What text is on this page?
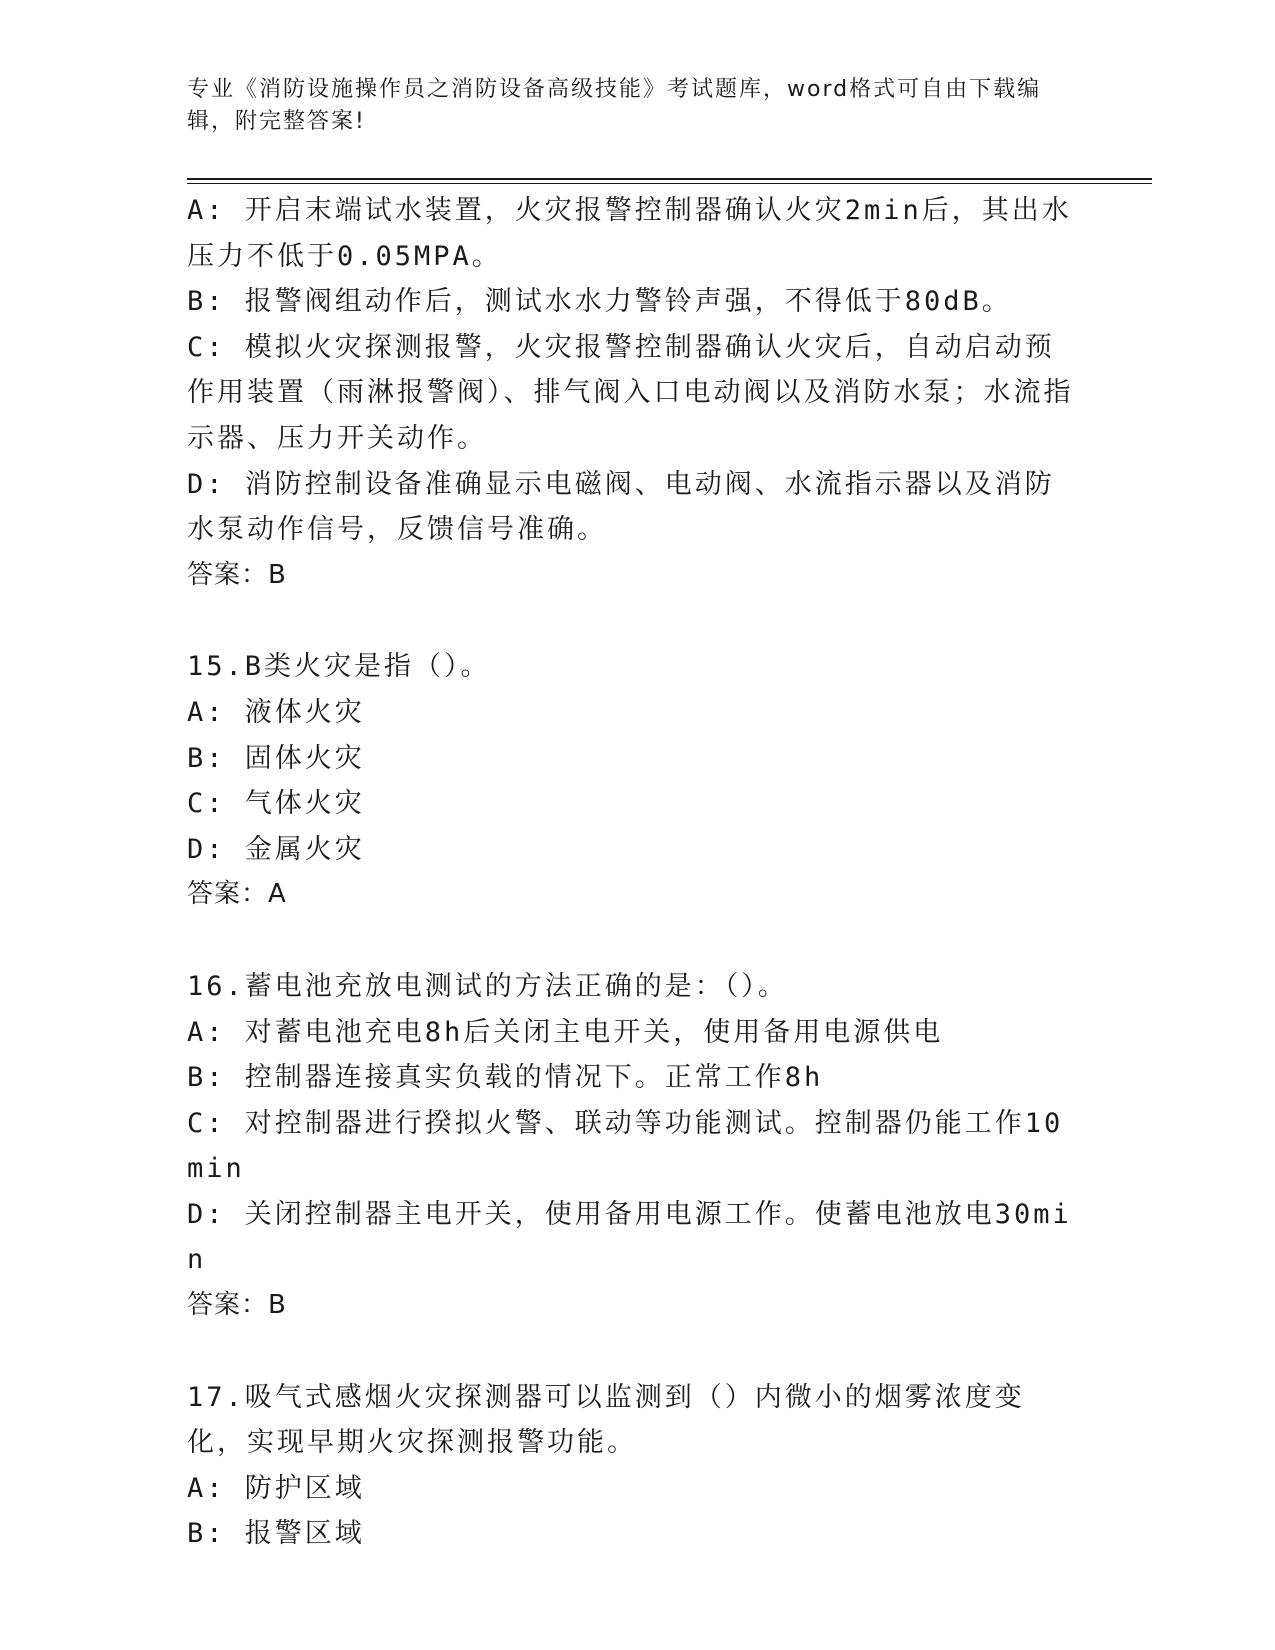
专业《消防设施操作员之消防设备高级技能》考试题库，word格式可自由下载编辑，附完整答案!
A: 开启末端试水装置，火灾报警控制器确认火灾2min后，其出水压力不低于0.05MPA。
B: 报警阀组动作后，测试水水力警铃声强，不得低于80dB。
C: 模拟火灾探测报警，火灾报警控制器确认火灾后，自动启动预作用装置（雨淋报警阀）、排气阀入口电动阀以及消防水泵；水流指示器、压力开关动作。
D: 消防控制设备准确显示电磁阀、电动阀、水流指示器以及消防水泵动作信号，反馈信号准确。
答案：B
15.B类火灾是指（）。
A: 液体火灾
B: 固体火灾
C: 气体火灾
D: 金属火灾
答案：A
16.蓄电池充放电测试的方法正确的是：（）。
A: 对蓄电池充电8h后关闭主电开关，使用备用电源供电
B: 控制器连接真实负载的情况下。正常工作8h
C: 对控制器进行揆拟火警、联动等功能测试。控制器仍能工作10min
D: 关闭控制器主电开关，使用备用电源工作。使蓄电池放电30min
答案：B
17.吸气式感烟火灾探测器可以监测到（）内微小的烟雾浓度变化，实现早期火灾探测报警功能。
A: 防护区域
B: 报警区域
